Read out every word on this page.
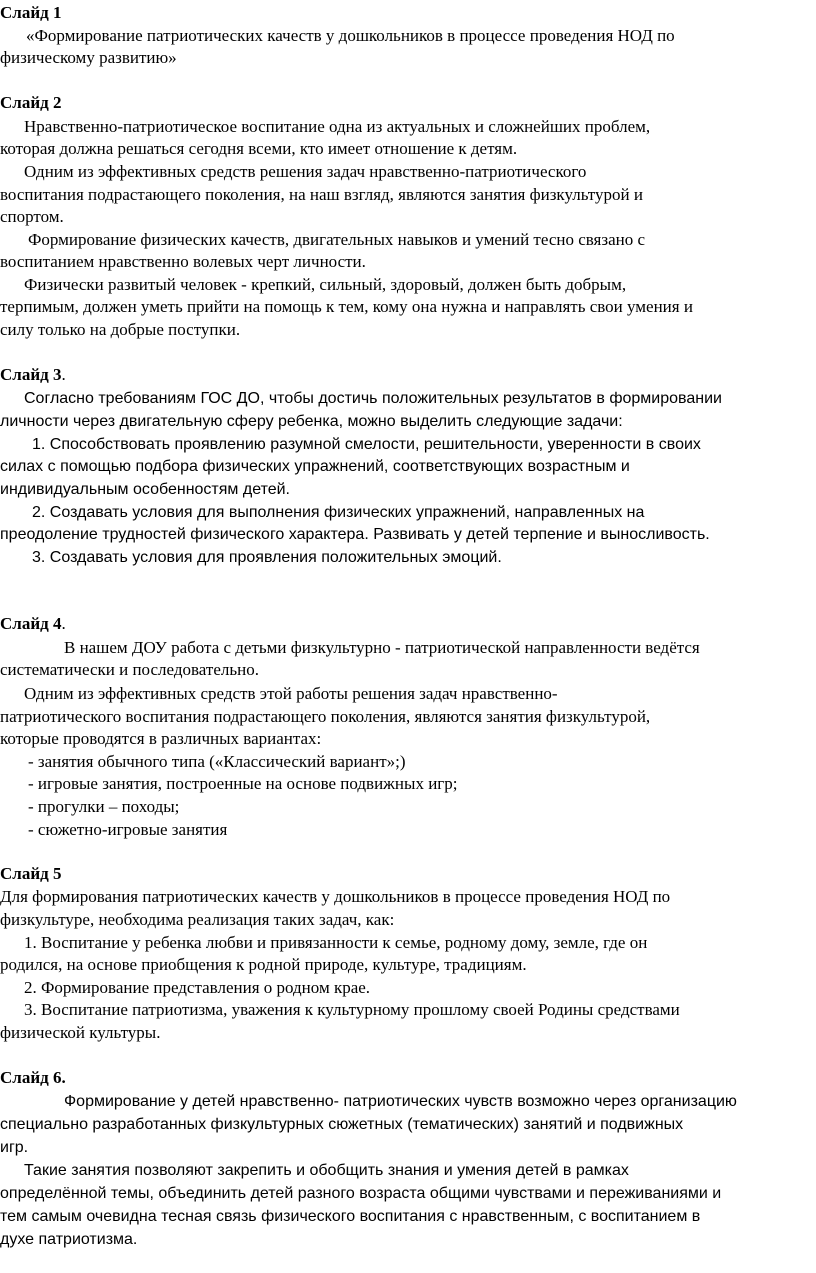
Слайд 1
«Формирование патриотических качеств у дошкольников в процессе проведения НОД по
физическому развитию»
Слайд 2
Нравственно-патриотическое воспитание одна из актуальных и сложнейших проблем,
которая должна решаться сегодня всеми, кто имеет отношение к детям.
Одним из эффективных средств решения задач нравственно-патриотического
воспитания подрастающего поколения, на наш взгляд, являются занятия физкультурой и
спортом.
Формирование физических качеств, двигательных навыков и умений тесно связано с
воспитанием нравственно волевых черт личности.
Физически развитый человек - крепкий, сильный, здоровый, должен быть добрым,
терпимым, должен уметь прийти на помощь к тем, кому она нужна и направлять свои умения и
силу только на добрые поступки.
Слайд 3.
Согласно требованиям ГОС ДО, чтобы достичь положительных результатов в формировании
личности через двигательную сферу ребенка, можно выделить следующие задачи:
1. Способствовать проявлению разумной смелости, решительности, уверенности в своих
силах с помощью подбора физических упражнений, соответствующих возрастным и
индивидуальным особенностям детей.
2. Создавать условия для выполнения физических упражнений, направленных на
преодоление трудностей физического характера. Развивать у детей терпение и выносливость.
3. Создавать условия для проявления положительных эмоций.
Слайд 4.
В нашем ДОУ работа с детьми физкультурно - патриотической направленности ведётся
систематически и последовательно.
Одним из эффективных средств этой работы решения задач нравственно-
патриотического воспитания подрастающего поколения, являются занятия физкультурой,
которые проводятся в различных вариантах:
- занятия обычного типа («Классический вариант»;)
- игровые занятия, построенные на основе подвижных игр;
- прогулки – походы;
- сюжетно-игровые занятия
Слайд 5
Для формирования патриотических качеств у дошкольников в процессе проведения НОД по
физкультуре, необходима реализация таких задач, как:
1. Воспитание у ребенка любви и привязанности к семье, родному дому, земле, где он
родился, на основе приобщения к родной природе, культуре, традициям.
2. Формирование представления о родном крае.
3. Воспитание патриотизма, уважения к культурному прошлому своей Родины средствами
физической культуры.
Слайд 6.
Формирование у детей нравственно- патриотических чувств возможно через организацию
специально разработанных физкультурных сюжетных (тематических) занятий и подвижных
игр.
Такие занятия позволяют закрепить и обобщить знания и умения детей в рамках
определённой темы, объединить детей разного возраста общими чувствами и переживаниями и
тем самым очевидна тесная связь физического воспитания с нравственным, с воспитанием в
духе патриотизма.
